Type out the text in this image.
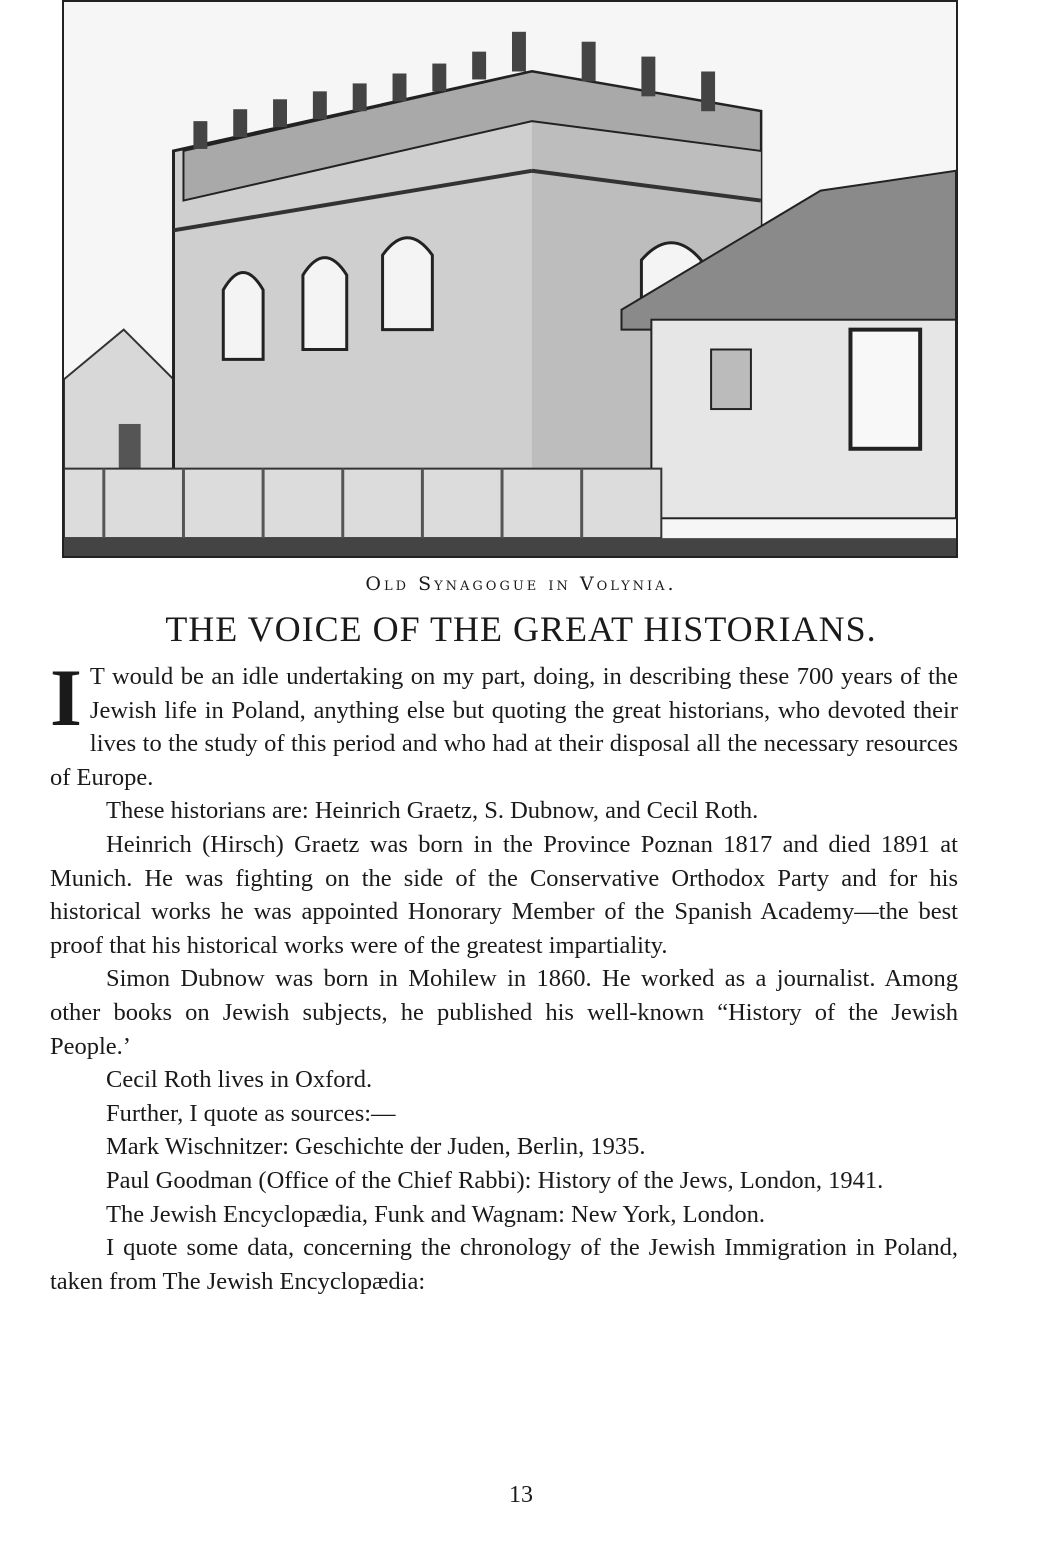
Old Synagogue in Volynia.
THE VOICE OF THE GREAT HISTORIANS.

I T would be an idle undertaking on my part, doing, in describing these 700 years of the Jewish life in Poland, anything else but quoting the great historians, who devoted their lives to the study of this period and who had at their disposal all the necessary resources of Europe.

These historians are: Heinrich Graetz, S. Dubnow, and Cecil Roth.

Heinrich (Hirsch) Graetz was born in the Province Poznan 1817 and died 1891 at Munich. He was fighting on the side of the Conservative Orthodox Party and for his historical works he was appointed Honorary Member of the Spanish Academy—the best proof that his historical works were of the greatest impartiality.

Simon Dubnow was born in Mohilew in 1860. He worked as a journalist. Among other books on Jewish subjects, he published his well-known “History of the Jewish People.’

Cecil Roth lives in Oxford.

Further, I quote as sources:—

Mark Wischnitzer: Geschichte der Juden, Berlin, 1935.

Paul Goodman (Office of the Chief Rabbi): History of the Jews, London, 1941.

The Jewish Encyclopædia, Funk and Wagnam: New York, London.

I quote some data, concerning the chronology of the Jewish Immigration in Poland, taken from The Jewish Encyclopædia:

13
